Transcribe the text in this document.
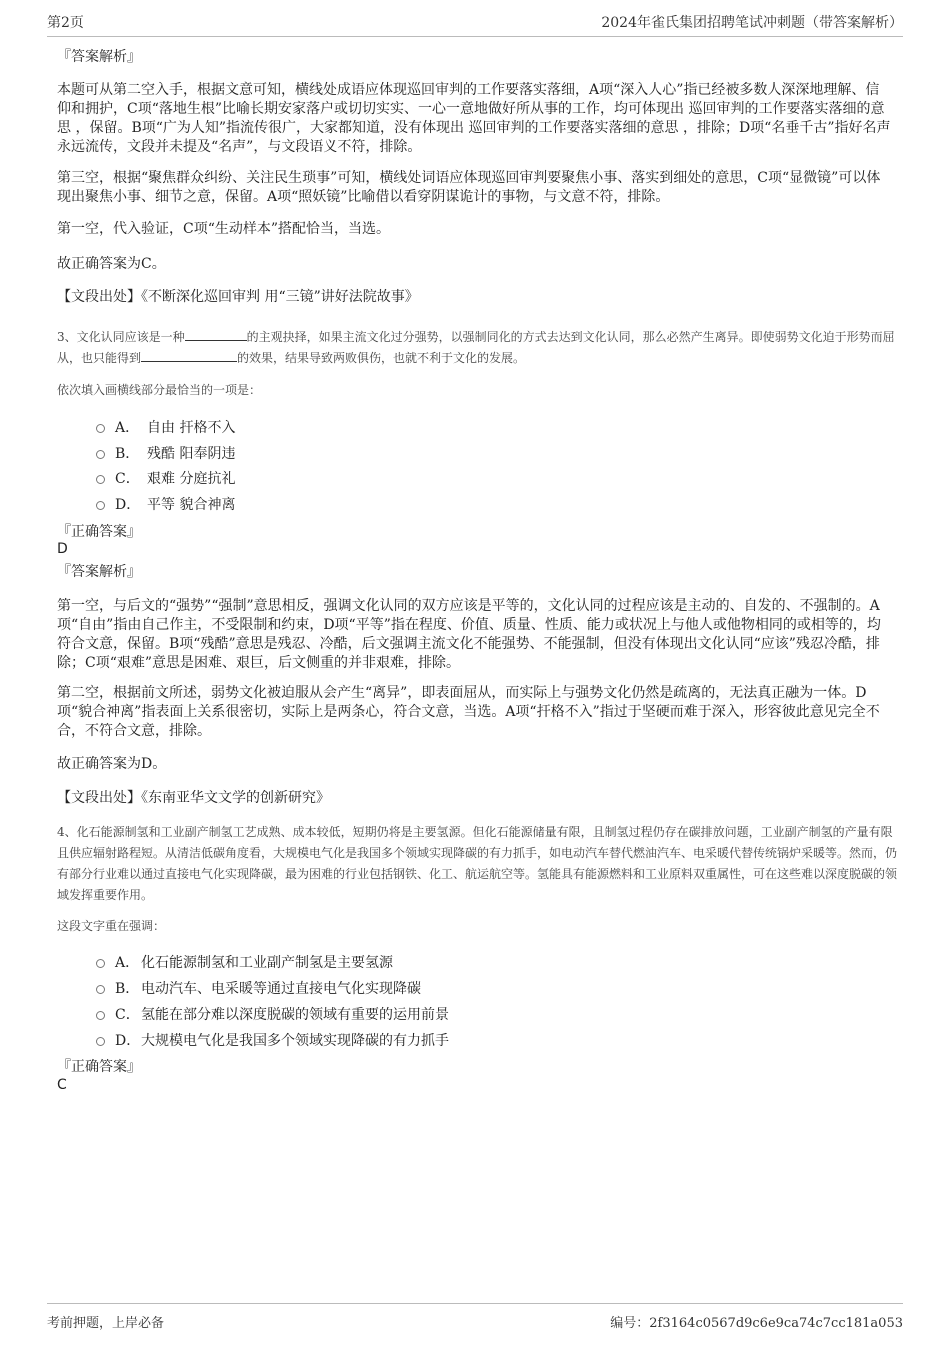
第2页	2024年雀氏集团招聘笔试冲刺题（带答案解析）
『答案解析』
本题可从第二空入手，根据文意可知，横线处成语应体现巡回审判的工作要落实落细，A项“深入人心”指已经被多数人深深地理解、信仰和拥护，C项“落地生根”比喻长期安家落户或切切实实、一心一意地做好所从事的工作，均可体现出 巡回审判的工作要落实落细的意思 ，保留。B项“广为人知”指流传很广，大家都知道，没有体现出 巡回审判的工作要落实落细的意思 ，排除；D项“名垂千古”指好名声永远流传，文段并未提及“名声”，与文段语义不符，排除。
第三空，根据“聚焦群众纠纷、关注民生琐事”可知，横线处词语应体现巡回审判要聚焦小事、落实到细处的意思，C项“显微镜”可以体现出聚焦小事、细节之意，保留。A项“照妖镜”比喻借以看穿阴谋诡计的事物，与文意不符，排除。
第一空，代入验证，C项“生动样本”搭配恰当，当选。
故正确答案为C。
【文段出处】《不断深化巡回审判 用“三镜”讲好法院故事》
3、文化认同应该是一种	的主观抉择，如果主流文化过分强势，以强制同化的方式去达到文化认同，那么必然产生离异。即使弱势文化迫于形势而屈从，也只能得到	的效果，结果导致两败俱伤，也就不利于文化的发展。
依次填入画横线部分最恰当的一项是：
A． 自由 扞格不入
B． 残酷 阳奉阴违
C． 艰难 分庭抗礼
D． 平等 貌合神离
『正确答案』
D
『答案解析』
第一空，与后文的“强势”“强制”意思相反，强调文化认同的双方应该是平等的，文化认同的过程应该是主动的、自发的、不强制的。A项“自由”指由自己作主，不受限制和约束，D项“平等”指在程度、价值、质量、性质、能力或状况上与他人或他物相同的或相等的，均符合文意，保留。B项“残酷”意思是残忍、冷酷，后文强调主流文化不能强势、不能强制，但没有体现出文化认同“应该”残忍冷酷，排除；C项“艰难”意思是困难、艰巨，后文侧重的并非艰难，排除。
第二空，根据前文所述，弱势文化被迫服从会产生“离异”，即表面屈从，而实际上与强势文化仍然是疏离的，无法真正融为一体。D项“貌合神离”指表面上关系很密切，实际上是两条心，符合文意，当选。A项“扞格不入”指过于坚硬而难于深入，形容彼此意见完全不合，不符合文意，排除。
故正确答案为D。
【文段出处】《东南亚华文文学的创新研究》
4、化石能源制氢和工业副产制氢工艺成熟、成本较低，短期仍将是主要氢源。但化石能源储量有限，且制氢过程仍存在碳排放问题，工业副产制氢的产量有限且供应辐射路程短。从清洁低碳角度看，大规模电气化是我国多个领域实现降碳的有力抓手，如电动汽车替代燃油汽车、电采暖代替传统锅炉采暖等。然而，仍有部分行业难以通过直接电气化实现降碳，最为困难的行业包括钢铁、化工、航运航空等。氢能具有能源燃料和工业原料双重属性，可在这些难以深度脱碳的领域发挥重要作用。
这段文字重在强调：
A． 化石能源制氢和工业副产制氢是主要氢源
B． 电动汽车、电采暖等通过直接电气化实现降碳
C． 氢能在部分难以深度脱碳的领域有重要的运用前景
D． 大规模电气化是我国多个领域实现降碳的有力抓手
『正确答案』
C
考前押题，上岸必备	编号：2f3164c0567d9c6e9ca74c7cc181a053
